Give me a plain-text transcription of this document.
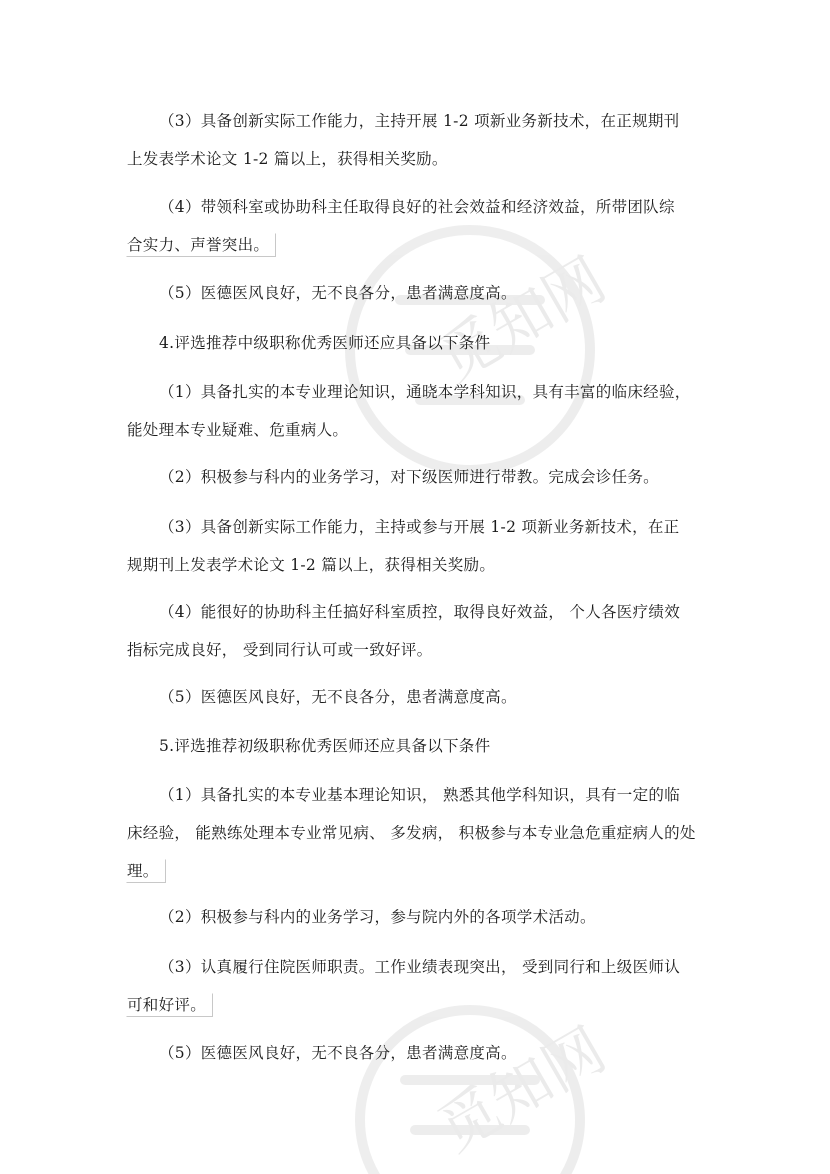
觅知网
觅知网

（3）具备创新实际工作能力，主持开展 1-2 项新业务新技术，在正规期刊
上发表学术论文 1-2 篇以上，获得相关奖励。

（4）带领科室或协助科主任取得良好的社会效益和经济效益，所带团队综
合实力、声誉突出。

（5）医德医风良好，无不良各分，患者满意度高。

4.评选推荐中级职称优秀医师还应具备以下条件

（1）具备扎实的本专业理论知识，通晓本学科知识，具有丰富的临床经验，
能处理本专业疑难、危重病人。

（2）积极参与科内的业务学习，对下级医师进行带教。完成会诊任务。

（3）具备创新实际工作能力，主持或参与开展 1-2 项新业务新技术，在正
规期刊上发表学术论文 1-2 篇以上，获得相关奖励。

（4）能很好的协助科主任搞好科室质控，取得良好效益， 个人各医疗绩效
指标完成良好， 受到同行认可或一致好评。

（5）医德医风良好，无不良各分，患者满意度高。

5.评选推荐初级职称优秀医师还应具备以下条件

（1）具备扎实的本专业基本理论知识， 熟悉其他学科知识，具有一定的临
床经验， 能熟练处理本专业常见病、 多发病， 积极参与本专业急危重症病人的处
理。

（2）积极参与科内的业务学习，参与院内外的各项学术活动。

（3）认真履行住院医师职责。工作业绩表现突出， 受到同行和上级医师认
可和好评。

（5）医德医风良好，无不良各分，患者满意度高。
